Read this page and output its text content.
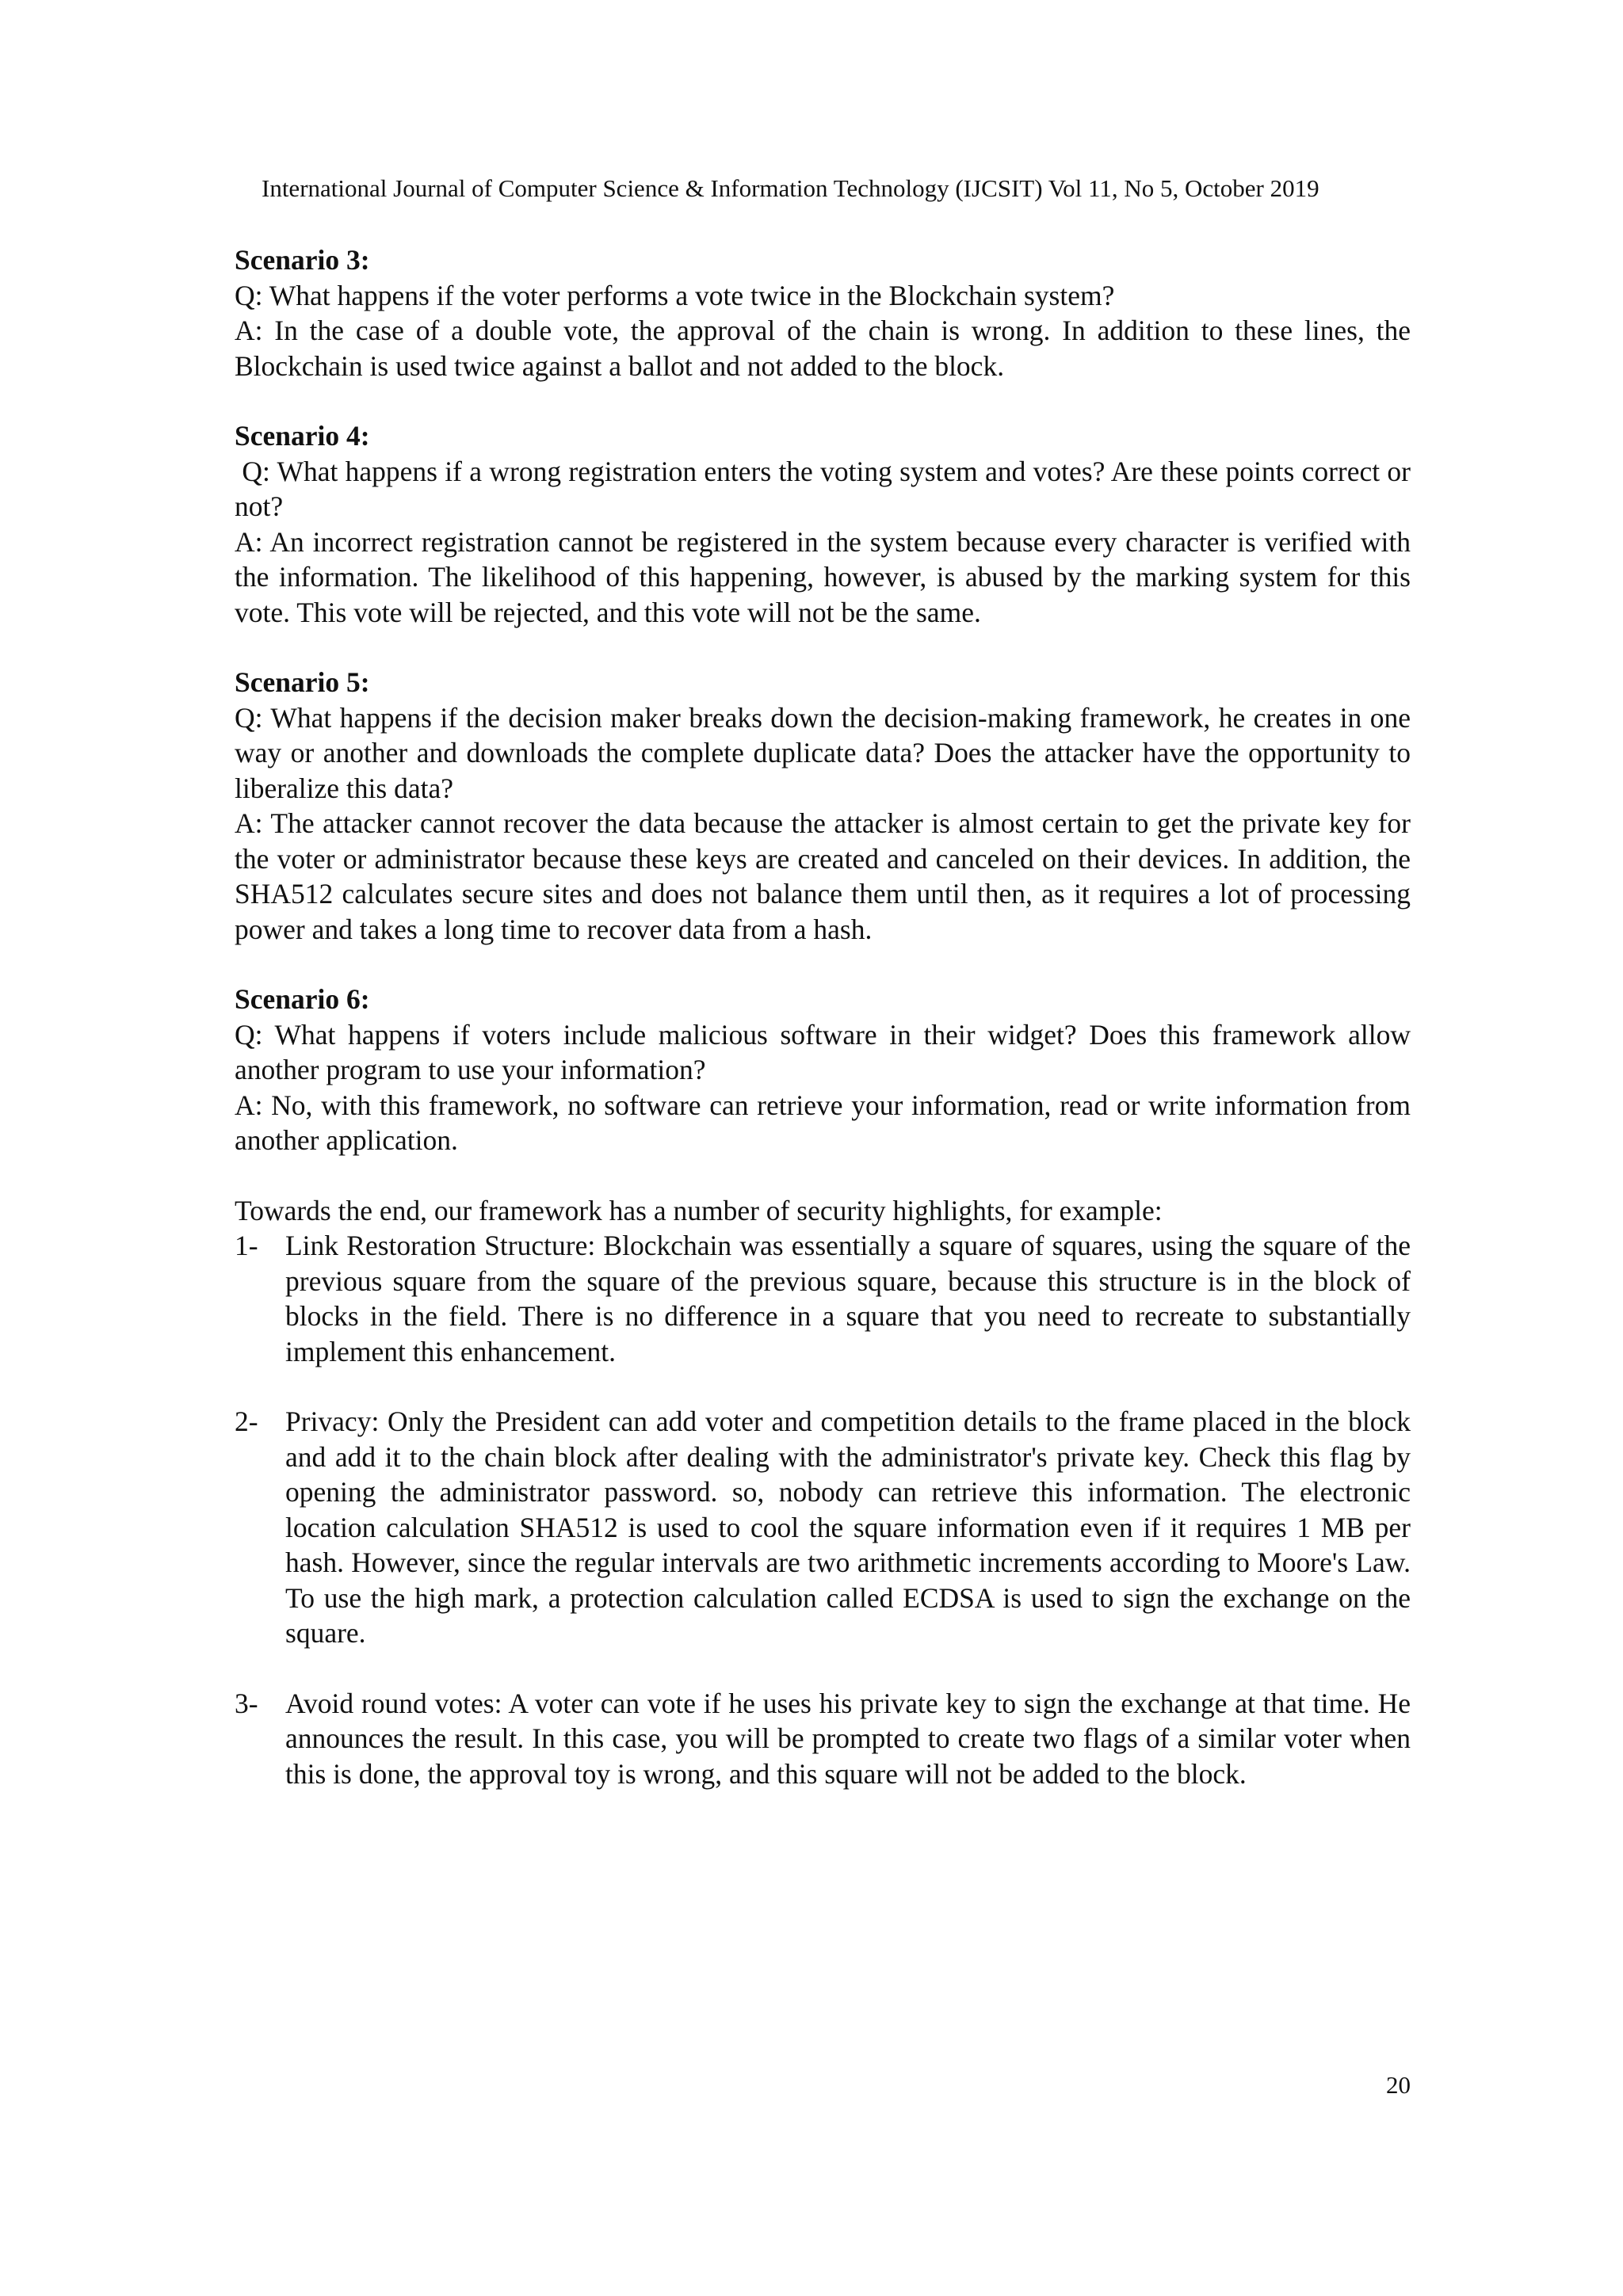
International Journal of Computer Science & Information Technology (IJCSIT) Vol 11, No 5, October 2019

Scenario 3:

Q: What happens if the voter performs a vote twice in the Blockchain system?

A: In the case of a double vote, the approval of the chain is wrong. In addition to these lines, the Blockchain is used twice against a ballot and not added to the block.

Scenario 4:

Q: What happens if a wrong registration enters the voting system and votes? Are these points correct or not?

A: An incorrect registration cannot be registered in the system because every character is verified with the information. The likelihood of this happening, however, is abused by the marking system for this vote. This vote will be rejected, and this vote will not be the same.

Scenario 5:

Q: What happens if the decision maker breaks down the decision-making framework, he creates in one way or another and downloads the complete duplicate data? Does the attacker have the opportunity to liberalize this data?

A: The attacker cannot recover the data because the attacker is almost certain to get the private key for the voter or administrator because these keys are created and canceled on their devices. In addition, the SHA512 calculates secure sites and does not balance them until then, as it requires a lot of processing power and takes a long time to recover data from a hash.

Scenario 6:

Q: What happens if voters include malicious software in their widget? Does this framework allow another program to use your information?

A: No, with this framework, no software can retrieve your information, read or write information from another application.

Towards the end, our framework has a number of security highlights, for example:

1- Link Restoration Structure: Blockchain was essentially a square of squares, using the square of the previous square from the square of the previous square, because this structure is in the block of blocks in the field. There is no difference in a square that you need to recreate to substantially implement this enhancement.
2- Privacy: Only the President can add voter and competition details to the frame placed in the block and add it to the chain block after dealing with the administrator's private key. Check this flag by opening the administrator password. so, nobody can retrieve this information. The electronic location calculation SHA512 is used to cool the square information even if it requires 1 MB per hash. However, since the regular intervals are two arithmetic increments according to Moore's Law. To use the high mark, a protection calculation called ECDSA is used to sign the exchange on the square.
3- Avoid round votes: A voter can vote if he uses his private key to sign the exchange at that time. He announces the result. In this case, you will be prompted to create two flags of a similar voter when this is done, the approval toy is wrong, and this square will not be added to the block.
20
